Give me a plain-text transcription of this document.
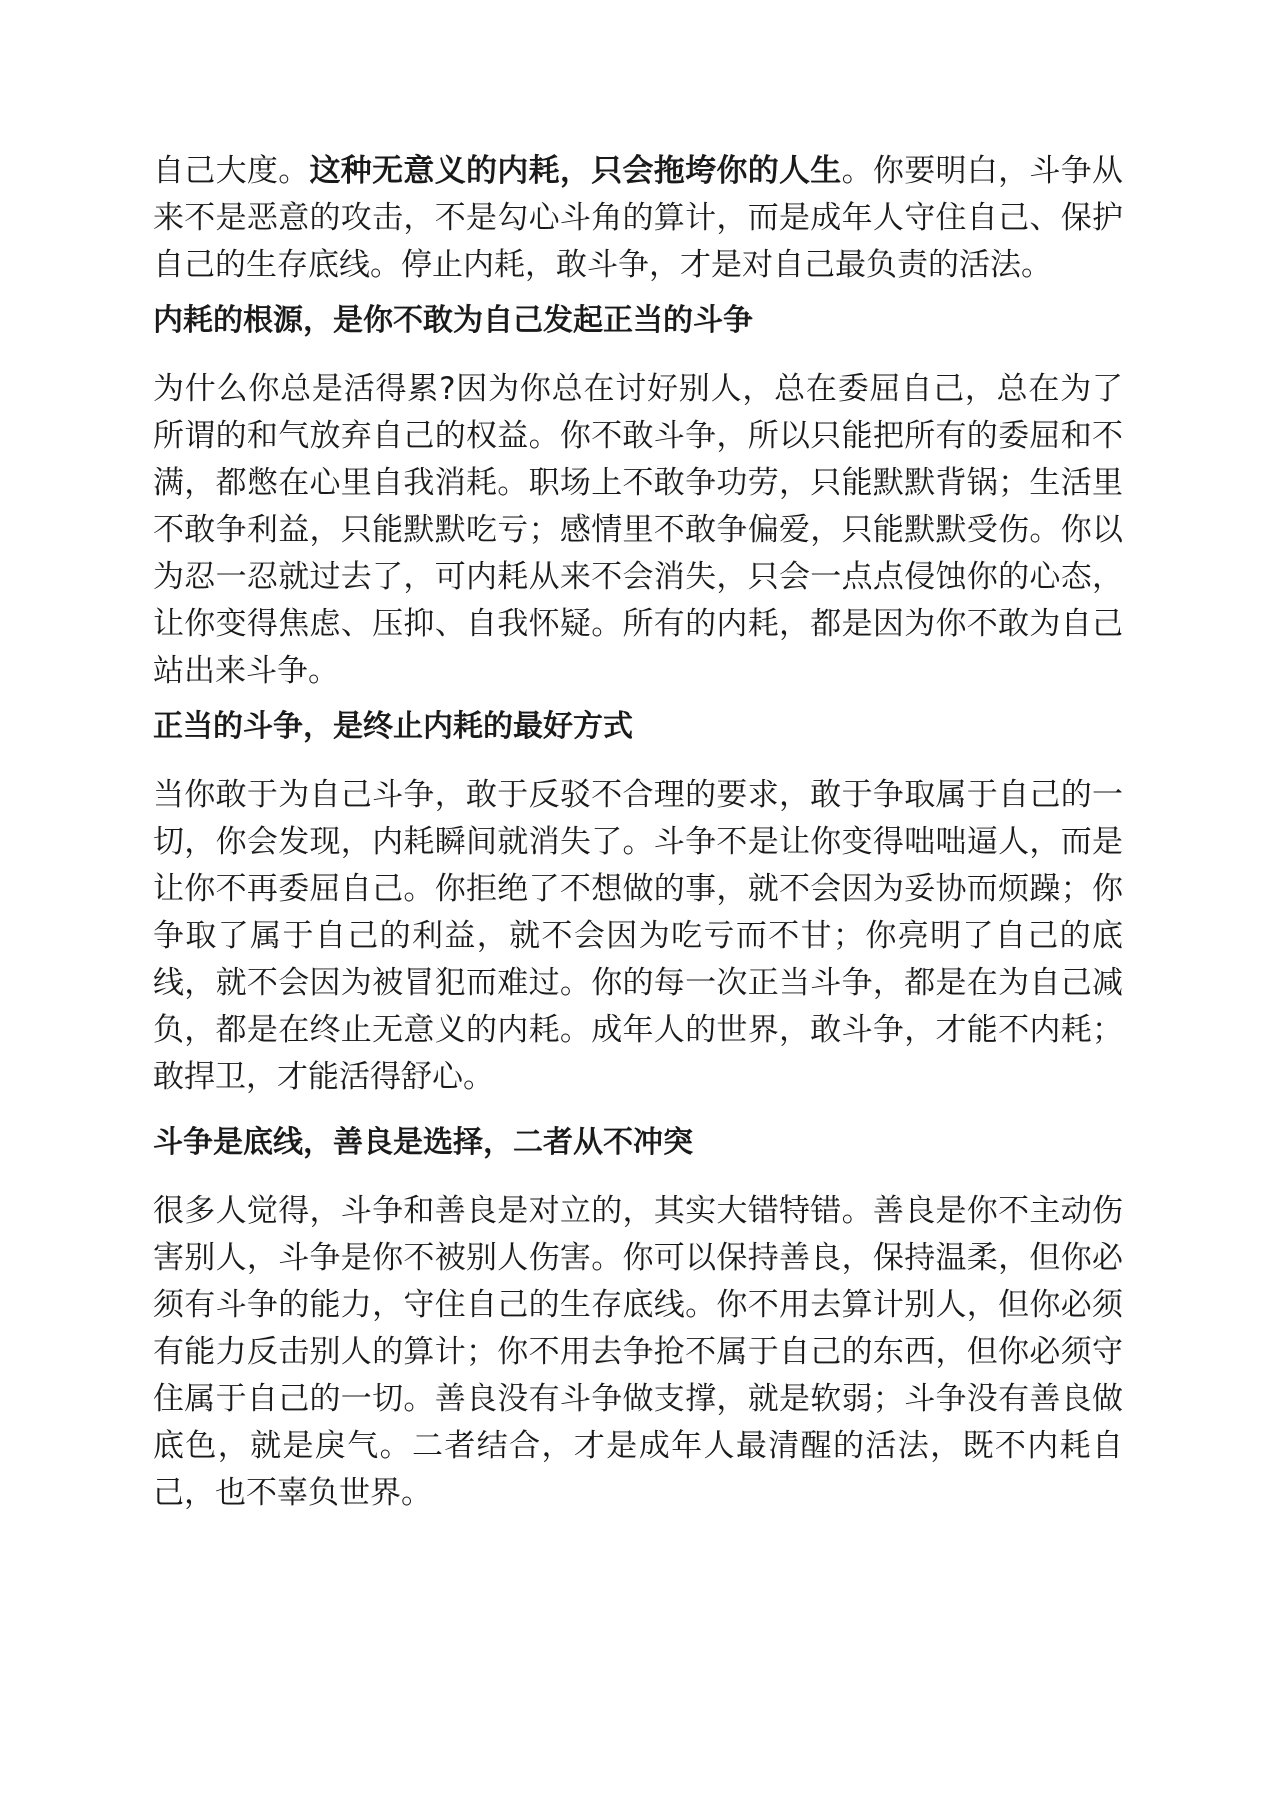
自己大度。这种无意义的内耗，只会拖垮你的人生。你要明白，斗争从来不是恶意的攻击，不是勾心斗角的算计，而是成年人守住自己、保护自己的生存底线。停止内耗，敢斗争，才是对自己最负责的活法。

内耗的根源，是你不敢为自己发起正当的斗争

为什么你总是活得累?因为你总在讨好别人，总在委屈自己，总在为了所谓的和气放弃自己的权益。你不敢斗争，所以只能把所有的委屈和不满，都憋在心里自我消耗。职场上不敢争功劳，只能默默背锅；生活里不敢争利益，只能默默吃亏；感情里不敢争偏爱，只能默默受伤。你以为忍一忍就过去了，可内耗从来不会消失，只会一点点侵蚀你的心态，让你变得焦虑、压抑、自我怀疑。所有的内耗，都是因为你不敢为自己站出来斗争。

正当的斗争，是终止内耗的最好方式

当你敢于为自己斗争，敢于反驳不合理的要求，敢于争取属于自己的一切，你会发现，内耗瞬间就消失了。斗争不是让你变得咄咄逼人，而是让你不再委屈自己。你拒绝了不想做的事，就不会因为妥协而烦躁；你争取了属于自己的利益，就不会因为吃亏而不甘；你亮明了自己的底线，就不会因为被冒犯而难过。你的每一次正当斗争，都是在为自己减负，都是在终止无意义的内耗。成年人的世界，敢斗争，才能不内耗；敢捍卫，才能活得舒心。

斗争是底线，善良是选择，二者从不冲突

很多人觉得，斗争和善良是对立的，其实大错特错。善良是你不主动伤害别人，斗争是你不被别人伤害。你可以保持善良，保持温柔，但你必须有斗争的能力，守住自己的生存底线。你不用去算计别人，但你必须有能力反击别人的算计；你不用去争抢不属于自己的东西，但你必须守住属于自己的一切。善良没有斗争做支撑，就是软弱；斗争没有善良做底色，就是戾气。二者结合，才是成年人最清醒的活法，既不内耗自己，也不辜负世界。
